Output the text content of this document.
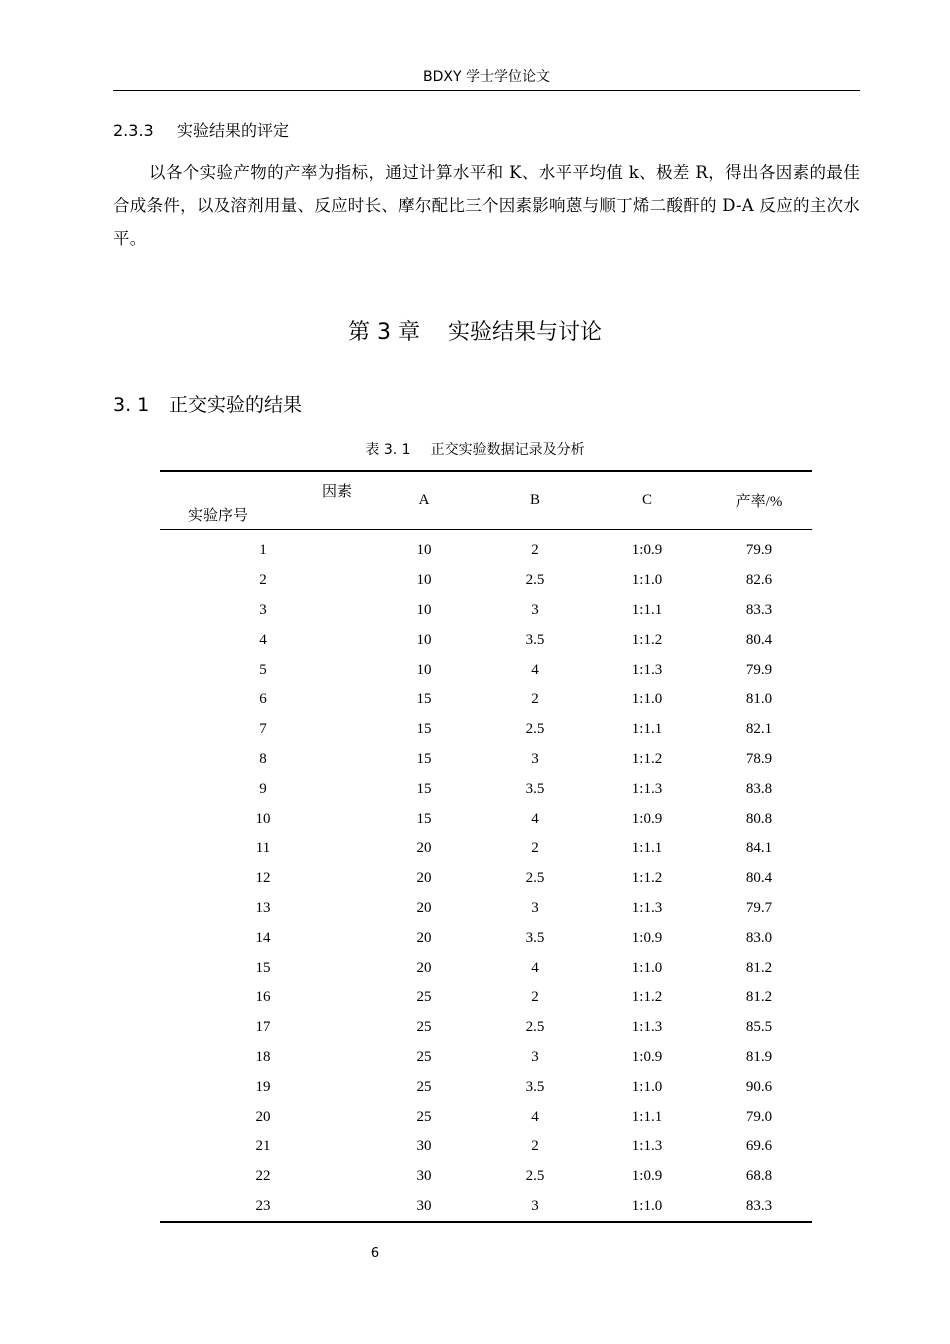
BDXY 学士学位论文
2.3.3 实验结果的评定

以各个实验产物的产率为指标，通过计算水平和 K、水平平均值 k、极差 R，得出各因素的最佳合成条件，以及溶剂用量、反应时长、摩尔配比三个因素影响蒽与顺丁烯二酸酐的 D-A 反应的主次水平。

第 3 章 实验结果与讨论
3. 1 正交实验的结果
表 3. 1 正交实验数据记录及分析
因素
实验序号	A	B	C	产率/%
1	10	2	1:0.9	79.9
2	10	2.5	1:1.0	82.6
3	10	3	1:1.1	83.3
4	10	3.5	1:1.2	80.4
5	10	4	1:1.3	79.9
6	15	2	1:1.0	81.0
7	15	2.5	1:1.1	82.1
8	15	3	1:1.2	78.9
9	15	3.5	1:1.3	83.8
10	15	4	1:0.9	80.8
11	20	2	1:1.1	84.1
12	20	2.5	1:1.2	80.4
13	20	3	1:1.3	79.7
14	20	3.5	1:0.9	83.0
15	20	4	1:1.0	81.2
16	25	2	1:1.2	81.2
17	25	2.5	1:1.3	85.5
18	25	3	1:0.9	81.9
19	25	3.5	1:1.0	90.6
20	25	4	1:1.1	79.0
21	30	2	1:1.3	69.6
22	30	2.5	1:0.9	68.8
23	30	3	1:1.0	83.3
6
